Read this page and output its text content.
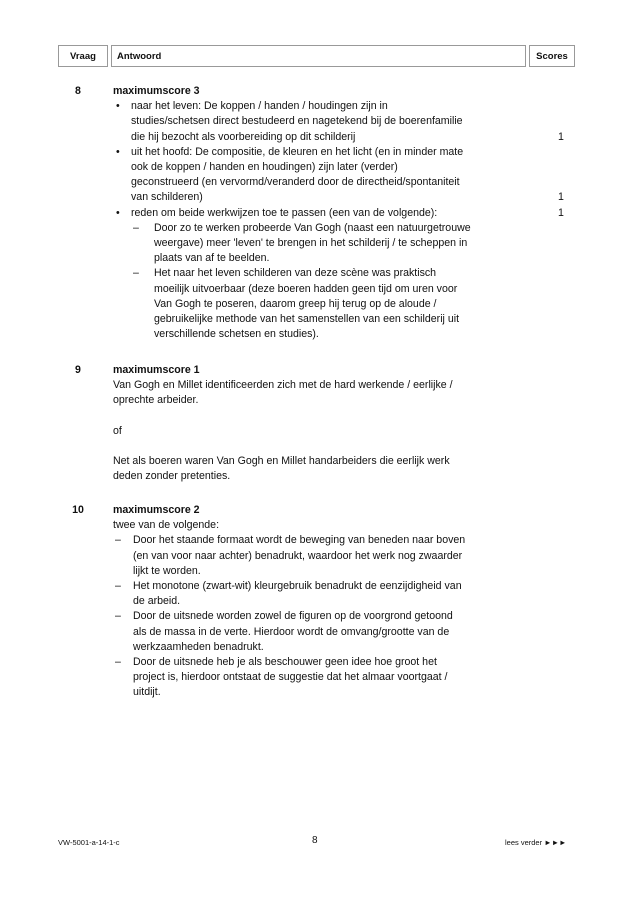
Vraag	Antwoord	Scores
8	maximumscore 3
• naar het leven: De koppen / handen / houdingen zijn in
studies/schetsen direct bestudeerd en nagetekend bij de boerenfamilie
die hij bezocht als voorbereiding op dit schilderij	1
• uit het hoofd: De compositie, de kleuren en het licht (en in minder mate
ook de koppen / handen en houdingen) zijn later (verder)
geconstrueerd (en vervormd/veranderd door de directheid/spontaniteit
van schilderen)	1
• reden om beide werkwijzen toe te passen (een van de volgende):	1
– Door zo te werken probeerde Van Gogh (naast een natuurgetrouwe
weergave) meer 'leven' te brengen in het schilderij / te scheppen in
plaats van af te beelden.
– Het naar het leven schilderen van deze scène was praktisch
moeilijk uitvoerbaar (deze boeren hadden geen tijd om uren voor
Van Gogh te poseren, daarom greep hij terug op de aloude /
gebruikelijke methode van het samenstellen van een schilderij uit
verschillende schetsen en studies).
9	maximumscore 1
Van Gogh en Millet identificeerden zich met de hard werkende / eerlijke /
oprechte arbeider.
of
Net als boeren waren Van Gogh en Millet handarbeiders die eerlijk werk
deden zonder pretenties.
10	maximumscore 2
twee van de volgende:
– Door het staande formaat wordt de beweging van beneden naar boven
(en van voor naar achter) benadrukt, waardoor het werk nog zwaarder
lijkt te worden.
– Het monotone (zwart-wit) kleurgebruik benadrukt de eenzijdigheid van
de arbeid.
– Door de uitsnede worden zowel de figuren op de voorgrond getoond
als de massa in de verte. Hierdoor wordt de omvang/grootte van de
werkzaamheden benadrukt.
– Door de uitsnede heb je als beschouwer geen idee hoe groot het
project is, hierdoor ontstaat de suggestie dat het almaar voortgaat /
uitdijt.
VW-5001-a-14-1-c	8	lees verder ►►►
